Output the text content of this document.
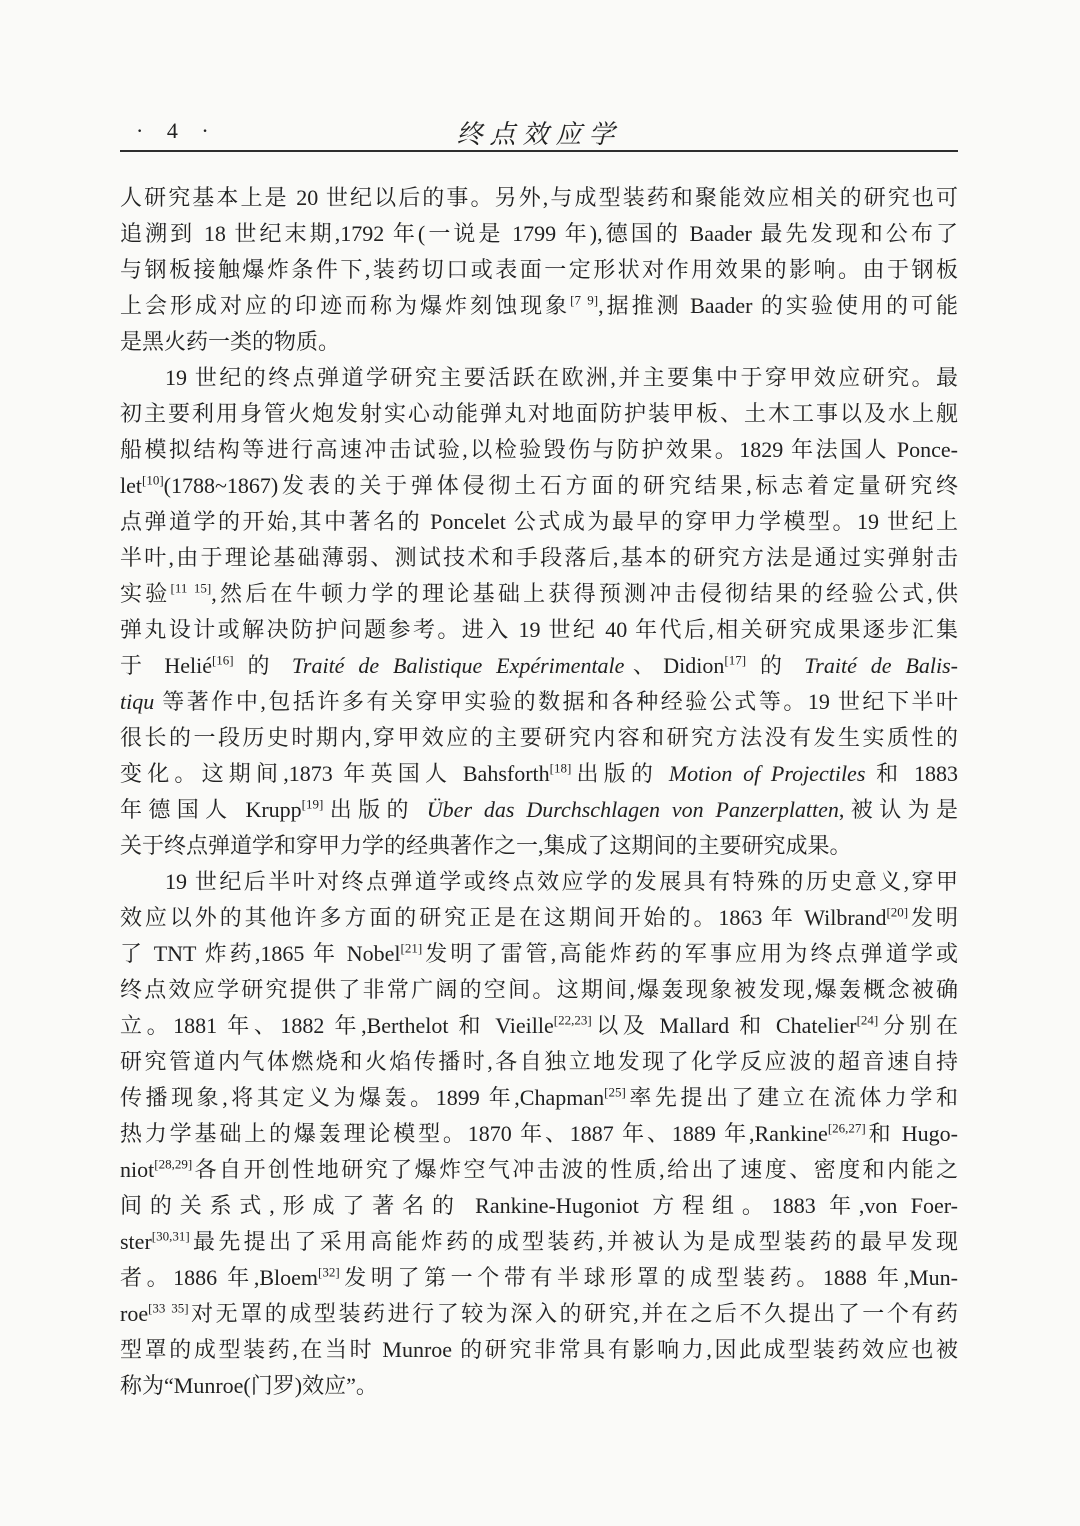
· 4 ·	终点效应学
人研究基本上是 20 世纪以后的事。另外,与成型装药和聚能效应相关的研究也可
追溯到 18 世纪末期,1792 年(一说是 1799 年),德国的 Baader 最先发现和公布了
与钢板接触爆炸条件下,装药切口或表面一定形状对作用效果的影响。由于钢板
上会形成对应的印迹而称为爆炸刻蚀现象[7 9],据推测 Baader 的实验使用的可能
是黑火药一类的物质。
19 世纪的终点弹道学研究主要活跃在欧洲,并主要集中于穿甲效应研究。最
初主要利用身管火炮发射实心动能弹丸对地面防护装甲板、土木工事以及水上舰
船模拟结构等进行高速冲击试验,以检验毁伤与防护效果。1829 年法国人 Ponce-
let[10](1788~1867)发表的关于弹体侵彻土石方面的研究结果,标志着定量研究终
点弹道学的开始,其中著名的 Poncelet 公式成为最早的穿甲力学模型。19 世纪上
半叶,由于理论基础薄弱、测试技术和手段落后,基本的研究方法是通过实弹射击
实验[11 15],然后在牛顿力学的理论基础上获得预测冲击侵彻结果的经验公式,供
弹丸设计或解决防护问题参考。进入 19 世纪 40 年代后,相关研究成果逐步汇集
于 Helié[16] 的 Traité de Balistique Expérimentale、Didion[17] 的 Traité de Balis-
tiqu 等著作中,包括许多有关穿甲实验的数据和各种经验公式等。19 世纪下半叶
很长的一段历史时期内,穿甲效应的主要研究内容和研究方法没有发生实质性的
变化。这期间,1873 年英国人 Bahsforth[18]出版的 Motion of Projectiles 和 1883
年德国人 Krupp[19]出版的 Über das Durchschlagen von Panzerplatten,被认为是
关于终点弹道学和穿甲力学的经典著作之一,集成了这期间的主要研究成果。
19 世纪后半叶对终点弹道学或终点效应学的发展具有特殊的历史意义,穿甲
效应以外的其他许多方面的研究正是在这期间开始的。1863 年 Wilbrand[20]发明
了 TNT 炸药,1865 年 Nobel[21]发明了雷管,高能炸药的军事应用为终点弹道学或
终点效应学研究提供了非常广阔的空间。这期间,爆轰现象被发现,爆轰概念被确
立。1881 年、1882 年,Berthelot 和 Vieille[22,23]以及 Mallard 和 Chatelier[24]分别在
研究管道内气体燃烧和火焰传播时,各自独立地发现了化学反应波的超音速自持
传播现象,将其定义为爆轰。1899 年,Chapman[25]率先提出了建立在流体力学和
热力学基础上的爆轰理论模型。1870 年、1887 年、1889 年,Rankine[26,27]和 Hugo-
niot[28,29]各自开创性地研究了爆炸空气冲击波的性质,给出了速度、密度和内能之
间的关系式,形成了著名的 Rankine-Hugoniot 方程组。1883 年,von Foer-
ster[30,31]最先提出了采用高能炸药的成型装药,并被认为是成型装药的最早发现
者。1886 年,Bloem[32]发明了第一个带有半球形罩的成型装药。1888 年,Mun-
roe[33 35]对无罩的成型装药进行了较为深入的研究,并在之后不久提出了一个有药
型罩的成型装药,在当时 Munroe 的研究非常具有影响力,因此成型装药效应也被
称为“Munroe(门罗)效应”。
